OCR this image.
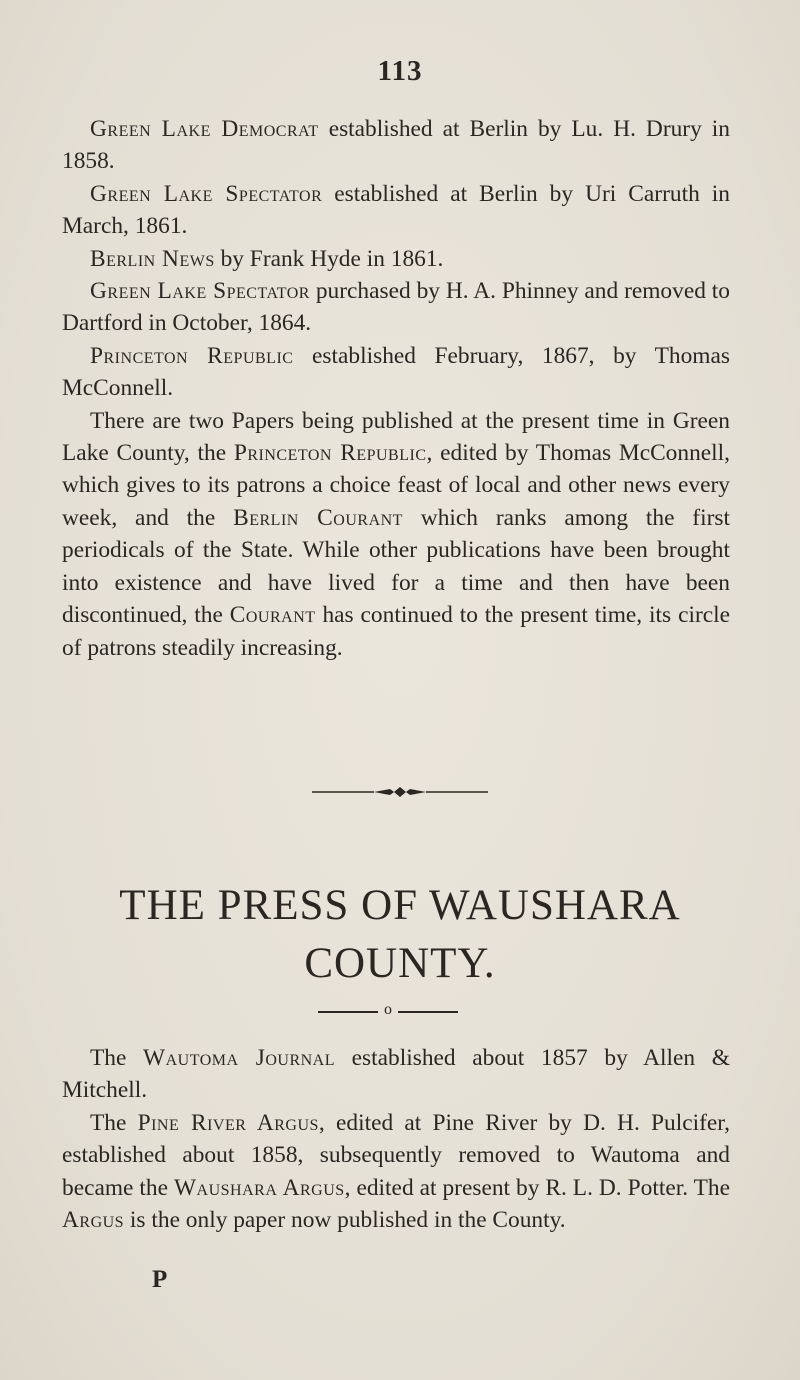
113

Green Lake Democrat established at Berlin by Lu. H. Drury in 1858.

Green Lake Spectator established at Berlin by Uri Carruth in March, 1861.

Berlin News by Frank Hyde in 1861.

Green Lake Spectator purchased by H. A. Phinney and removed to Dartford in October, 1864.

Princeton Republic established February, 1867, by Thomas McConnell.

There are two Papers being published at the present time in Green Lake County, the Princeton Republic, edited by Thomas McConnell, which gives to its patrons a choice feast of local and other news every week, and the Berlin Courant which ranks among the first periodicals of the State. While other publications have been brought into existence and have lived for a time and then have been discontinued, the Courant has continued to the present time, its circle of patrons steadily increasing.

THE PRESS OF WAUSHARA
COUNTY.
o

The Wautoma Journal established about 1857 by Allen & Mitchell.

The Pine River Argus, edited at Pine River by D. H. Pulcifer, established about 1858, subsequently removed to Wautoma and became the Waushara Argus, edited at present by R. L. D. Potter. The Argus is the only paper now published in the County.

P
